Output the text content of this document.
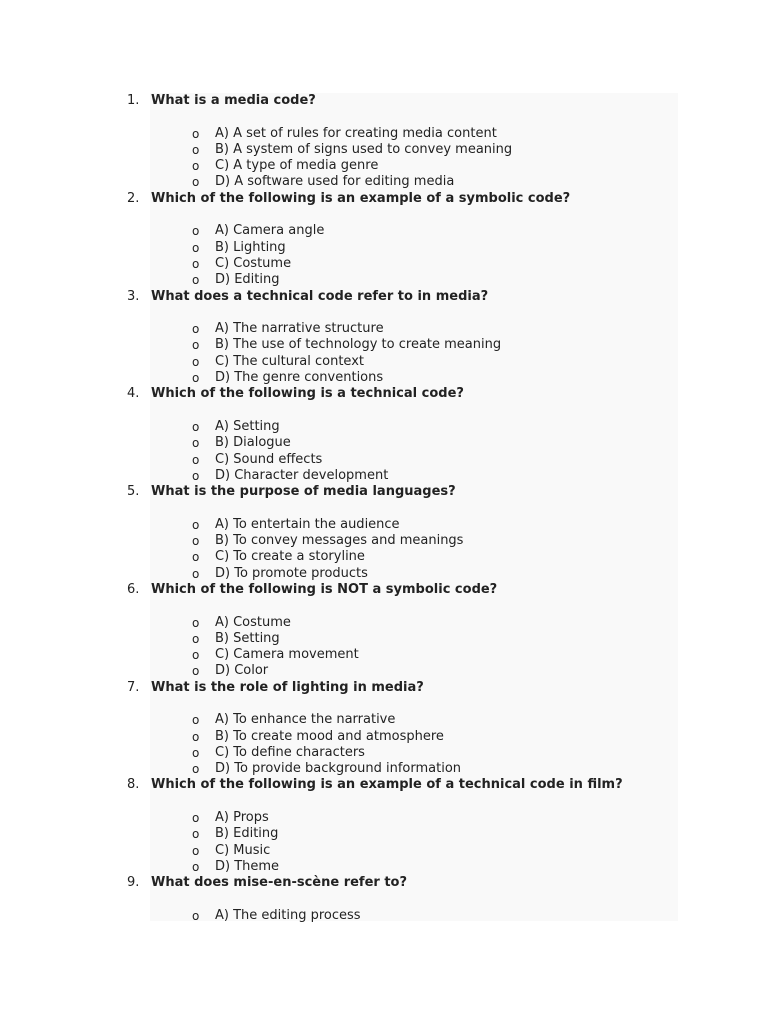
1. What is a media code?
o A) A set of rules for creating media content
o B) A system of signs used to convey meaning
o C) A type of media genre
o D) A software used for editing media
2. Which of the following is an example of a symbolic code?
o A) Camera angle
o B) Lighting
o C) Costume
o D) Editing
3. What does a technical code refer to in media?
o A) The narrative structure
o B) The use of technology to create meaning
o C) The cultural context
o D) The genre conventions
4. Which of the following is a technical code?
o A) Setting
o B) Dialogue
o C) Sound effects
o D) Character development
5. What is the purpose of media languages?
o A) To entertain the audience
o B) To convey messages and meanings
o C) To create a storyline
o D) To promote products
6. Which of the following is NOT a symbolic code?
o A) Costume
o B) Setting
o C) Camera movement
o D) Color
7. What is the role of lighting in media?
o A) To enhance the narrative
o B) To create mood and atmosphere
o C) To define characters
o D) To provide background information
8. Which of the following is an example of a technical code in film?
o A) Props
o B) Editing
o C) Music
o D) Theme
9. What does mise-en-scène refer to?
o A) The editing process
